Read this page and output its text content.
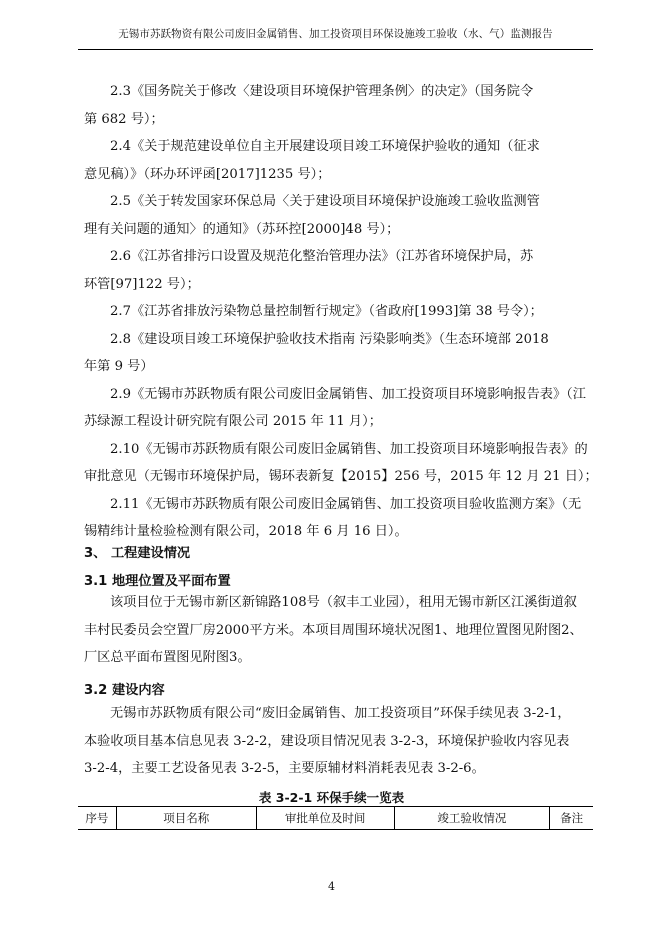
无锡市苏跃物资有限公司废旧金属销售、加工投资项目环保设施竣工验收（水、气）监测报告
2.3《国务院关于修改〈建设项目环境保护管理条例〉的决定》（国务院令
第 682 号）；
2.4《关于规范建设单位自主开展建设项目竣工环境保护验收的通知（征求
意见稿）》（环办环评函[2017]1235 号）；
2.5《关于转发国家环保总局〈关于建设项目环境保护设施竣工验收监测管
理有关问题的通知〉的通知》（苏环控[2000]48 号）；
2.6《江苏省排污口设置及规范化整治管理办法》（江苏省环境保护局，苏
环管[97]122 号）；
2.7《江苏省排放污染物总量控制暂行规定》（省政府[1993]第 38 号令）；
2.8《建设项目竣工环境保护验收技术指南 污染影响类》（生态环境部 2018
年第 9 号）
2.9《无锡市苏跃物质有限公司废旧金属销售、加工投资项目环境影响报告表》（江
苏绿源工程设计研究院有限公司 2015 年 11 月）；
2.10《无锡市苏跃物质有限公司废旧金属销售、加工投资项目环境影响报告表》的
审批意见（无锡市环境保护局，锡环表新复【2015】256 号，2015 年 12 月 21 日）；
2.11《无锡市苏跃物质有限公司废旧金属销售、加工投资项目验收监测方案》（无
锡精纬计量检验检测有限公司，2018 年 6 月 16 日）。
3、 工程建设情况
3.1 地理位置及平面布置
该项目位于无锡市新区新锦路108号（叙丰工业园），租用无锡市新区江溪街道叙
丰村民委员会空置厂房2000平方米。本项目周围环境状况图1、地理位置图见附图2、
厂区总平面布置图见附图3。
3.2 建设内容
无锡市苏跃物质有限公司“废旧金属销售、加工投资项目”环保手续见表 3-2-1，
本验收项目基本信息见表 3-2-2，建设项目情况见表 3-2-3，环境保护验收内容见表
3-2-4，主要工艺设备见表 3-2-5，主要原辅材料消耗表见表 3-2-6。
表 3-2-1 环保手续一览表
序号	项目名称	审批单位及时间	竣工验收情况	备注
4
